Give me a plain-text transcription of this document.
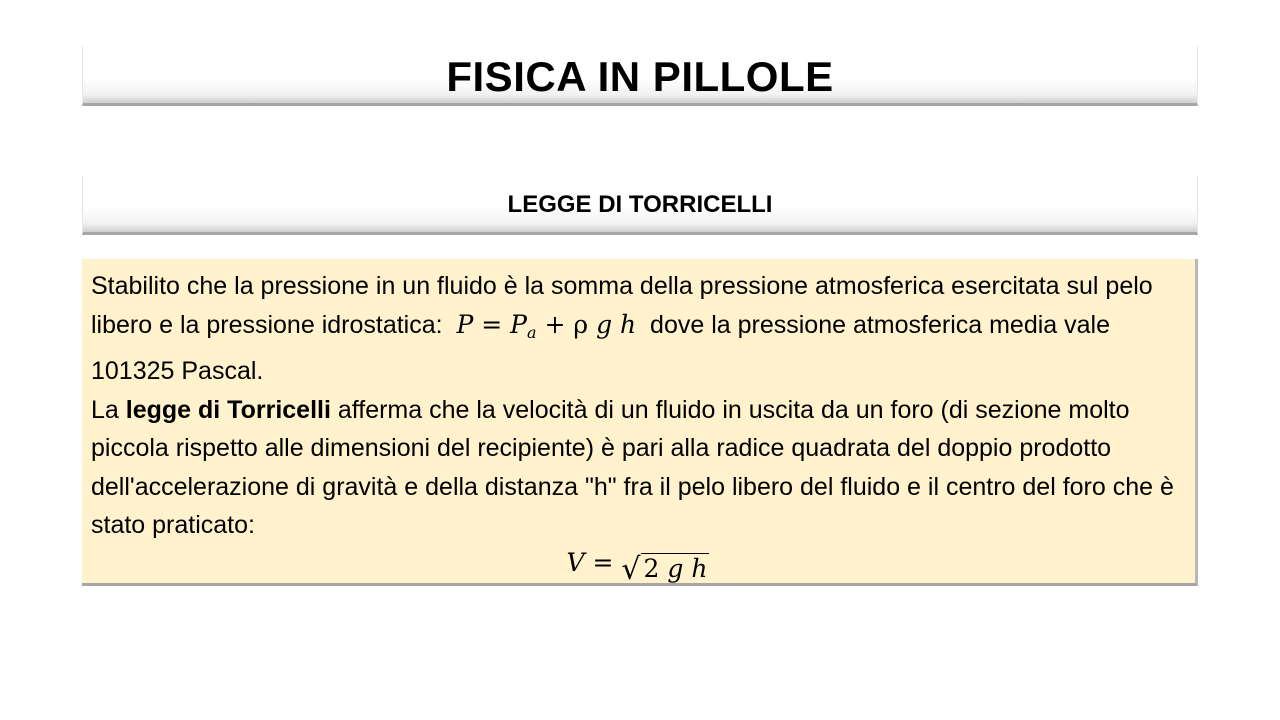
FISICA IN PILLOLE
LEGGE DI TORRICELLI

Stabilito che la pressione in un fluido è la somma della pressione atmosferica esercitata sul pelo libero e la pressione idrostatica: $P = P_a + \rho$ g h dove la pressione atmosferica media vale 101325 Pascal.

La legge di Torricelli afferma che la velocità di un fluido in uscita da un foro (di sezione molto piccola rispetto alle dimensioni del recipiente) è pari alla radice quadrata del doppio prodotto dell'accelerazione di gravità e della distanza "h" fra il pelo libero del fluido e il centro del foro che è stato praticato:

V = √ 2 g h
